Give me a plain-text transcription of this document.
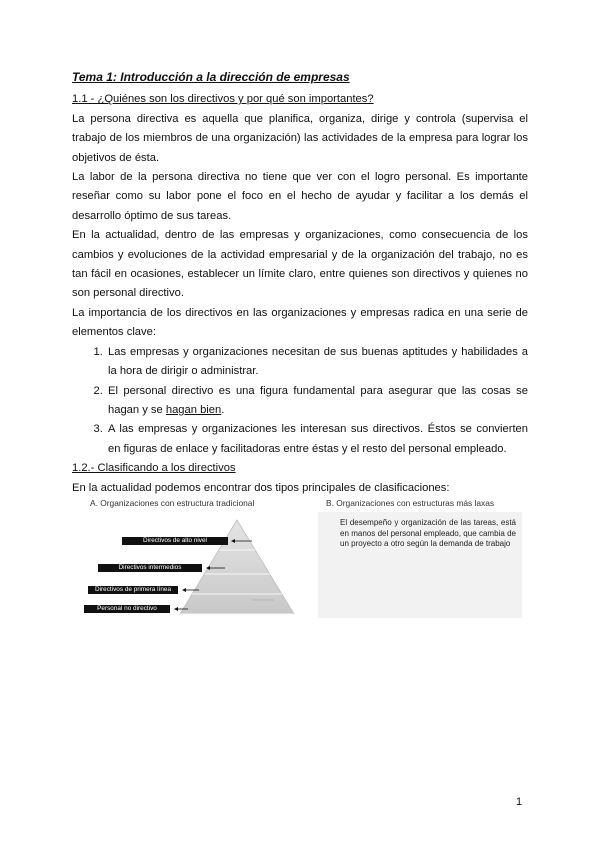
Tema 1: Introducción a la dirección de empresas
1.1 - ¿Quiénes son los directivos y por qué son importantes?

La persona directiva es aquella que planifica, organiza, dirige y controla (supervisa el trabajo de los miembros de una organización) las actividades de la empresa para lograr los objetivos de ésta.

La labor de la persona directiva no tiene que ver con el logro personal. Es importante reseñar como su labor pone el foco en el hecho de ayudar y facilitar a los demás el desarrollo óptimo de sus tareas.

En la actualidad, dentro de las empresas y organizaciones, como consecuencia de los cambios y evoluciones de la actividad empresarial y de la organización del trabajo, no es tan fácil en ocasiones, establecer un límite claro, entre quienes son directivos y quienes no son personal directivo.

La importancia de los directivos en las organizaciones y empresas radica en una serie de elementos clave:

1. Las empresas y organizaciones necesitan de sus buenas aptitudes y habilidades a la hora de dirigir o administrar.
2. El personal directivo es una figura fundamental para asegurar que las cosas se hagan y se hagan bien.
3. A las empresas y organizaciones les interesan sus directivos. Éstos se convierten en figuras de enlace y facilitadoras entre éstas y el resto del personal empleado.
1.2.- Clasificando a los directivos

En la actualidad podemos encontrar dos tipos principales de clasificaciones:

A. Organizaciones con estructura tradicional	B. Organizaciones con estructuras más laxas
Directivos de alto nivel
Directivos intermedios
Directivos de primera línea
Personal no directivo
El desempeño y organización de las tareas, está en manos del personal empleado, que cambia de un proyecto a otro según la demanda de trabajo
1
